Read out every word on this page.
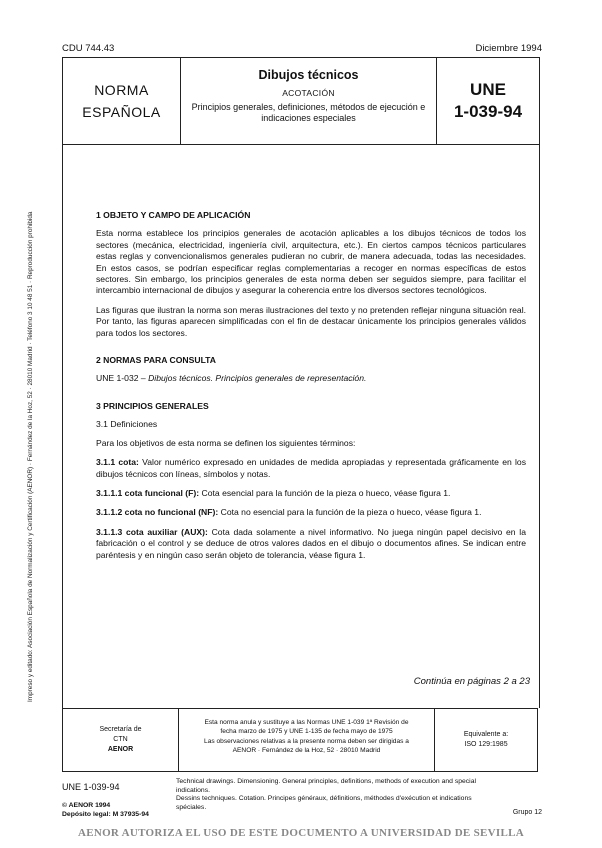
CDU 744.43	Diciembre 1994
Impreso y editado: Asociación Española de Normalización y Certificación (AENOR) · Fernández de la Hoz, 52 · 28010 Madrid · Teléfono 3 10 48 51 · Reproducción prohibida
NORMA
ESPAÑOLA
Dibujos técnicos
ACOTACIÓN
Principios generales, definiciones, métodos de ejecución e indicaciones especiales
UNE
1-039-94
1 OBJETO Y CAMPO DE APLICACIÓN

Esta norma establece los principios generales de acotación aplicables a los dibujos técnicos de todos los sectores (mecánica, electricidad, ingeniería civil, arquitectura, etc.). En ciertos campos técnicos particulares estas reglas y convencionalismos generales pudieran no cubrir, de manera adecuada, todas las necesidades. En estos casos, se podrían especificar reglas complementarias a recoger en normas específicas de estos sectores. Sin embargo, los principios generales de esta norma deben ser seguidos siempre, para facilitar el intercambio internacional de dibujos y asegurar la coherencia entre los diversos sectores tecnológicos.

Las figuras que ilustran la norma son meras ilustraciones del texto y no pretenden reflejar ninguna situación real. Por tanto, las figuras aparecen simplificadas con el fin de destacar únicamente los principios generales válidos para todos los sectores.

2 NORMAS PARA CONSULTA

UNE 1-032 – Dibujos técnicos. Principios generales de representación.

3 PRINCIPIOS GENERALES
3.1 Definiciones

Para los objetivos de esta norma se definen los siguientes términos:

3.1.1 cota: Valor numérico expresado en unidades de medida apropiadas y representada gráficamente en los dibujos técnicos con líneas, símbolos y notas.

3.1.1.1 cota funcional (F): Cota esencial para la función de la pieza o hueco, véase figura 1.

3.1.1.2 cota no funcional (NF): Cota no esencial para la función de la pieza o hueco, véase figura 1.

3.1.1.3 cota auxiliar (AUX): Cota dada solamente a nivel informativo. No juega ningún papel decisivo en la fabricación o el control y se deduce de otros valores dados en el dibujo o documentos afines. Se indican entre paréntesis y en ningún caso serán objeto de tolerancia, véase figura 1.

Continúa en páginas 2 a 23
Secretaría de
CTN
AENOR
Esta norma anula y sustituye a las Normas UNE 1-039 1ª Revisión de
fecha marzo de 1975 y UNE 1-135 de fecha mayo de 1975
Las observaciones relativas a la presente norma deben ser dirigidas a
AENOR · Fernández de la Hoz, 52 · 28010 Madrid
Equivalente a:
ISO 129:1985
UNE 1-039-94
© AENOR 1994
Depósito legal: M 37935-94
Technical drawings. Dimensioning. General principles, definitions, methods of execution and special indications.
Dessins techniques. Cotation. Principes généraux, définitions, méthodes d'exécution et indications spéciales.
Grupo 12
AENOR AUTORIZA EL USO DE ESTE DOCUMENTO A UNIVERSIDAD DE SEVILLA
